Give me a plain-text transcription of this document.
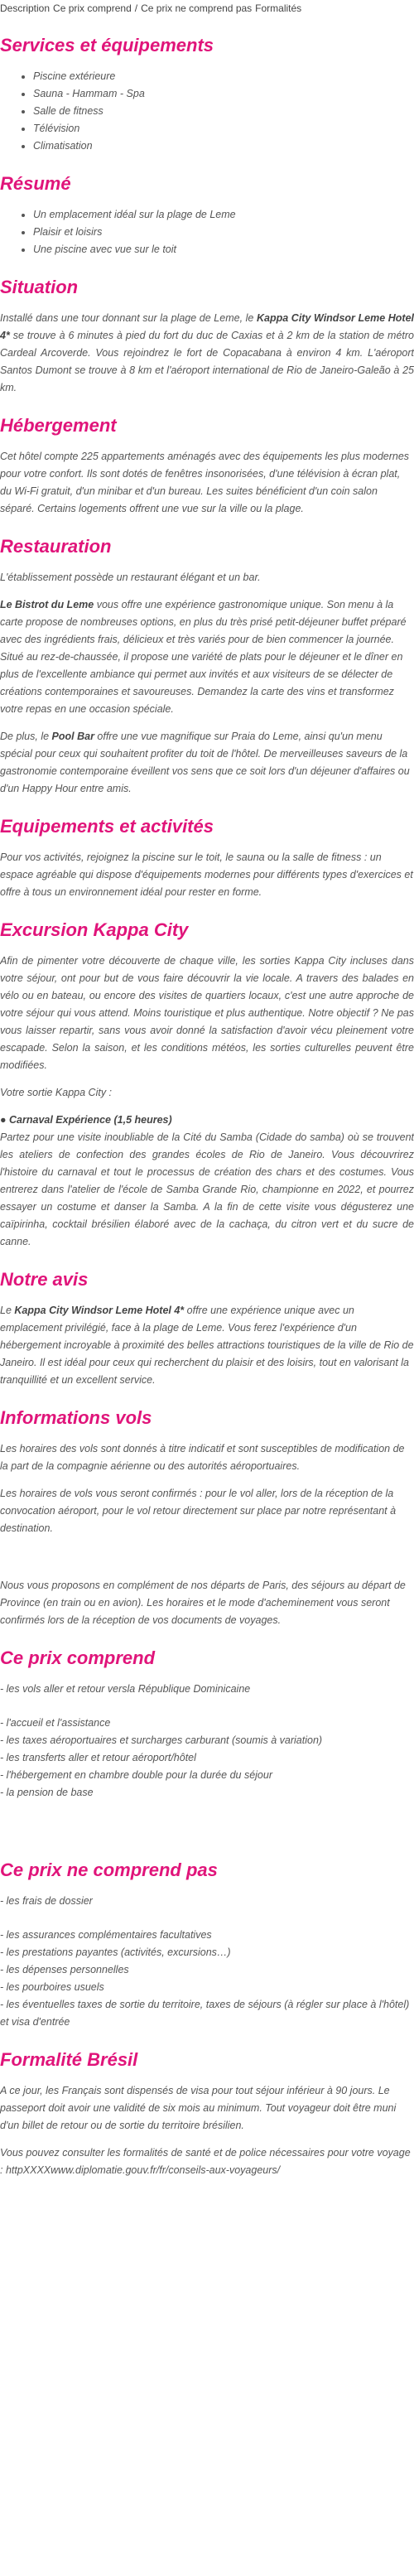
Description Ce prix comprend / Ce prix ne comprend pas Formalités
Services et équipements
• Piscine extérieure
• Sauna - Hammam - Spa
• Salle de fitness
• Télévision
• Climatisation
Résumé
• Un emplacement idéal sur la plage de Leme
• Plaisir et loisirs
• Une piscine avec vue sur le toit
Situation

Installé dans une tour donnant sur la plage de Leme, le Kappa City Windsor Leme Hotel 4* se trouve à 6 minutes à pied du fort du duc de Caxias et à 2 km de la station de métro Cardeal Arcoverde. Vous rejoindrez le fort de Copacabana à environ 4 km. L'aéroport Santos Dumont se trouve à 8 km et l'aéroport international de Rio de Janeiro-Galeão à 25 km.

Hébergement

Cet hôtel compte 225 appartements aménagés avec des équipements les plus modernes pour votre confort. Ils sont dotés de fenêtres insonorisées, d'une télévision à écran plat, du Wi-Fi gratuit, d'un minibar et d'un bureau. Les suites bénéficient d'un coin salon séparé. Certains logements offrent une vue sur la ville ou la plage.

Restauration

L'établissement possède un restaurant élégant et un bar.

Le Bistrot du Leme vous offre une expérience gastronomique unique. Son menu à la carte propose de nombreuses options, en plus du très prisé petit-déjeuner buffet préparé avec des ingrédients frais, délicieux et très variés pour de bien commencer la journée. Situé au rez-de-chaussée, il propose une variété de plats pour le déjeuner et le dîner en plus de l'excellente ambiance qui permet aux invités et aux visiteurs de se délecter de créations contemporaines et savoureuses. Demandez la carte des vins et transformez votre repas en une occasion spéciale.

De plus, le Pool Bar offre une vue magnifique sur Praia do Leme, ainsi qu'un menu spécial pour ceux qui souhaitent profiter du toit de l'hôtel. De merveilleuses saveurs de la gastronomie contemporaine éveillent vos sens que ce soit lors d'un déjeuner d'affaires ou d'un Happy Hour entre amis.

Equipements et activités

Pour vos activités, rejoignez la piscine sur le toit, le sauna ou la salle de fitness : un espace agréable qui dispose d'équipements modernes pour différents types d'exercices et offre à tous un environnement idéal pour rester en forme.

Excursion Kappa City

Afin de pimenter votre découverte de chaque ville, les sorties Kappa City incluses dans votre séjour, ont pour but de vous faire découvrir la vie locale. A travers des balades en vélo ou en bateau, ou encore des visites de quartiers locaux, c'est une autre approche de votre séjour qui vous attend. Moins touristique et plus authentique. Notre objectif ? Ne pas vous laisser repartir, sans vous avoir donné la satisfaction d'avoir vécu pleinement votre escapade. Selon la saison, et les conditions météos, les sorties culturelles peuvent être modifiées.

Votre sortie Kappa City :

● Carnaval Expérience (1,5 heures)
Partez pour une visite inoubliable de la Cité du Samba (Cidade do samba) où se trouvent les ateliers de confection des grandes écoles de Rio de Janeiro. Vous découvrirez l'histoire du carnaval et tout le processus de création des chars et des costumes. Vous entrerez dans l'atelier de l'école de Samba Grande Rio, championne en 2022, et pourrez essayer un costume et danser la Samba. A la fin de cette visite vous dégusterez une caïpirinha, cocktail brésilien élaboré avec de la cachaça, du citron vert et du sucre de canne.

Notre avis

Le Kappa City Windsor Leme Hotel 4* offre une expérience unique avec un emplacement privilégié, face à la plage de Leme. Vous ferez l'expérience d'un hébergement incroyable à proximité des belles attractions touristiques de la ville de Rio de Janeiro. Il est idéal pour ceux qui recherchent du plaisir et des loisirs, tout en valorisant la tranquillité et un excellent service.

Informations vols

Les horaires des vols sont donnés à titre indicatif et sont susceptibles de modification de la part de la compagnie aérienne ou des autorités aéroportuaires.

Les horaires de vols vous seront confirmés : pour le vol aller, lors de la réception de la convocation aéroport, pour le vol retour directement sur place par notre représentant à destination.

Nous vous proposons en complément de nos départs de Paris, des séjours au départ de Province (en train ou en avion). Les horaires et le mode d'acheminement vous seront confirmés lors de la réception de vos documents de voyages.

Ce prix comprend
- les vols aller et retour versla République Dominicaine
- l'accueil et l'assistance
- les taxes aéroportuaires et surcharges carburant (soumis à variation)
- les transferts aller et retour aéroport/hôtel
- l'hébergement en chambre double pour la durée du séjour
- la pension de base
Ce prix ne comprend pas
- les frais de dossier
- les assurances complémentaires facultatives
- les prestations payantes (activités, excursions…)
- les dépenses personnelles
- les pourboires usuels
- les éventuelles taxes de sortie du territoire, taxes de séjours (à régler sur place à l'hôtel) et visa d'entrée
Formalité Brésil

A ce jour, les Français sont dispensés de visa pour tout séjour inférieur à 90 jours. Le passeport doit avoir une validité de six mois au minimum. Tout voyageur doit être muni d'un billet de retour ou de sortie du territoire brésilien.

Vous pouvez consulter les formalités de santé et de police nécessaires pour votre voyage : httpXXXXwww.diplomatie.gouv.fr/fr/conseils-aux-voyageurs/
